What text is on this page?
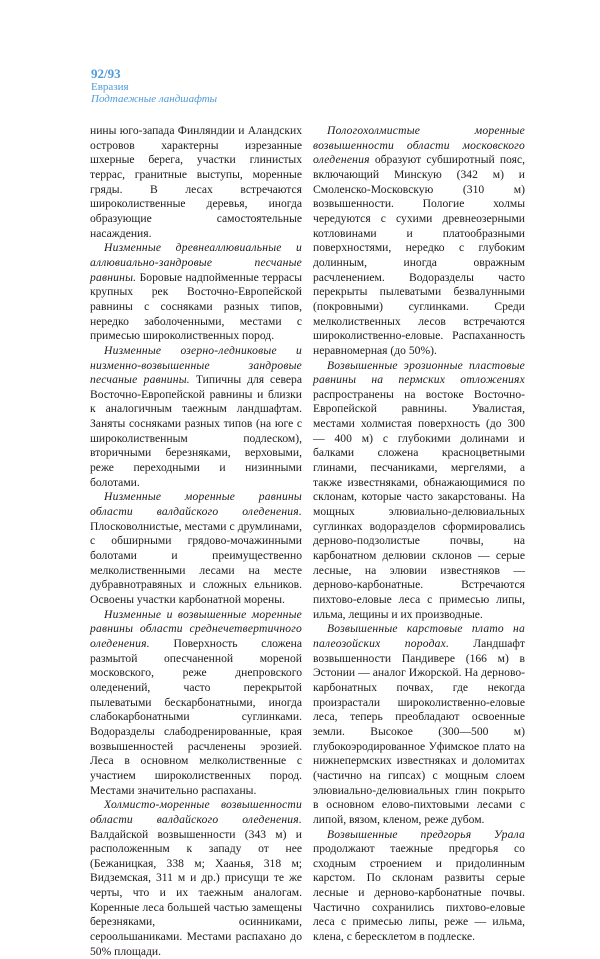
92/93
Евразия
Подтаежные ландшафты

нины юго-запада Финляндии и Аландских островов характерны изрезанные шхерные берега, участки глинистых террас, гранитные выступы, моренные гряды. В лесах встречаются широколиственные деревья, иногда образующие самостоятельные насаждения.

Низменные древнеаллювиальные и аллювиально-зандровые песчаные равнины. Боровые надпойменные террасы крупных рек Восточно-Европейской равнины с сосняками разных типов, нередко заболоченными, местами с примесью широколиственных пород.

Низменные озерно-ледниковые и низменно-возвышенные зандровые песчаные равнины. Типичны для севера Восточно-Европейской равнины и близки к аналогичным таежным ландшафтам. Заняты сосняками разных типов (на юге с широколиственным подлеском), вторичными березняками, верховыми, реже переходными и низинными болотами.

Низменные моренные равнины области валдайского оледенения. Плосковолнистые, местами с друмлинами, с обширными грядово-мочажинными болотами и преимущественно мелколиственными лесами на месте дубравнотравяных и сложных ельников. Освоены участки карбонатной морены.

Низменные и возвышенные моренные равнины области среднечетвертичного оледенения. Поверхность сложена размытой опесчаненной мореной московского, реже днепровского оледенений, часто перекрытой пылеватыми бескарбонатными, иногда слабокарбонатными суглинками. Водоразделы слабодренированные, края возвышенностей расчленены эрозией. Леса в основном мелколиственные с участием широколиственных пород. Местами значительно распаханы.

Холмисто-моренные возвышенности области валдайского оледенения. Валдайской возвышенности (343 м) и расположенным к западу от нее (Бежаницкая, 338 м; Хаанья, 318 м; Видземская, 311 м и др.) присущи те же черты, что и их таежным аналогам. Коренные леса большей частью замещены березняками, осинниками, сероольшаниками. Местами распахано до 50% площади.

Пологохолмистые моренные возвышенности области московского оледенения образуют субширотный пояс, включающий Минскую (342 м) и Смоленско-Московскую (310 м) возвышенности. Пологие холмы чередуются с сухими древнеозерными котловинами и платообразными поверхностями, нередко с глубоким долинным, иногда овражным расчленением. Водоразделы часто перекрыты пылеватыми безвалунными (покровными) суглинками. Среди мелколиственных лесов встречаются широколиственно-еловые. Распаханность неравномерная (до 50%).

Возвышенные эрозионные пластовые равнины на пермских отложениях распространены на востоке Восточно-Европейской равнины. Увалистая, местами холмистая поверхность (до 300 — 400 м) с глубокими долинами и балками сложена красноцветными глинами, песчаниками, мергелями, а также известняками, обнажающимися по склонам, которые часто закарстованы. На мощных элювиально-делювиальных суглинках водоразделов сформировались дерново-подзолистые почвы, на карбонатном делювии склонов — серые лесные, на элювии известняков — дерново-карбонатные. Встречаются пихтово-еловые леса с примесью липы, ильма, лещины и их производные.

Возвышенные карстовые плато на палеозойских породах. Ландшафт возвышенности Пандивере (166 м) в Эстонии — аналог Ижорской. На дерново-карбонатных почвах, где некогда произрастали широколиственно-еловые леса, теперь преобладают освоенные земли. Высокое (300—500 м) глубокоэродированное Уфимское плато на нижнепермских известняках и доломитах (частично на гипсах) с мощным слоем элювиально-делювиальных глин покрыто в основном елово-пихтовыми лесами с липой, вязом, кленом, реже дубом.

Возвышенные предгорья Урала продолжают таежные предгорья со сходным строением и придолинным карстом. По склонам развиты серые лесные и дерново-карбонатные почвы. Частично сохранились пихтово-еловые леса с примесью липы, реже — ильма, клена, с бересклетом в подлеске.
